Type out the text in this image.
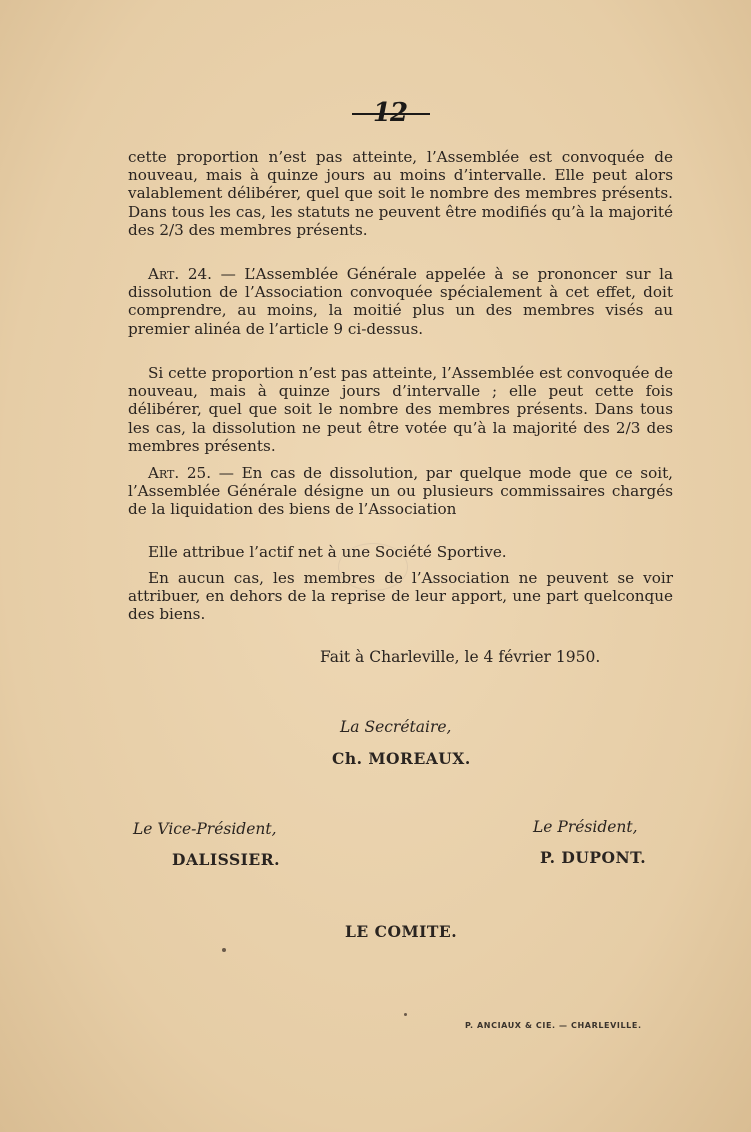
12

cette proportion n’est pas atteinte, l’Assemblée est convoquée de nouveau, mais à quinze jours au moins d’intervalle. Elle peut alors valablement délibérer, quel que soit le nombre des membres présents. Dans tous les cas, les statuts ne peuvent être modifiés qu’à la majorité des 2/3 des membres présents.

Art. 24. — L’Assemblée Générale appelée à se prononcer sur la dissolution de l’Association convoquée spécialement à cet effet, doit comprendre, au moins, la moitié plus un des membres visés au premier alinéa de l’article 9 ci-dessus.

Si cette proportion n’est pas atteinte, l’Assemblée est convoquée de nouveau, mais à quinze jours d’intervalle ; elle peut cette fois délibérer, quel que soit le nombre des membres présents. Dans tous les cas, la dissolution ne peut être votée qu’à la majorité des 2/3 des membres présents.

Art. 25. — En cas de dissolution, par quelque mode que ce soit, l’Assemblée Générale désigne un ou plusieurs commissaires chargés de la liquidation des biens de l’Association

Elle attribue l’actif net à une Société Sportive.

En aucun cas, les membres de l’Association ne peuvent se voir attribuer, en dehors de la reprise de leur apport, une part quelconque des biens.

Fait à Charleville, le 4 février 1950.
La Secrétaire,
Ch. MOREAUX.
Le Vice-Président,
DALISSIER.
Le Président,
P. DUPONT.
LE COMITE.
P. ANCIAUX & CIE. — CHARLEVILLE.
